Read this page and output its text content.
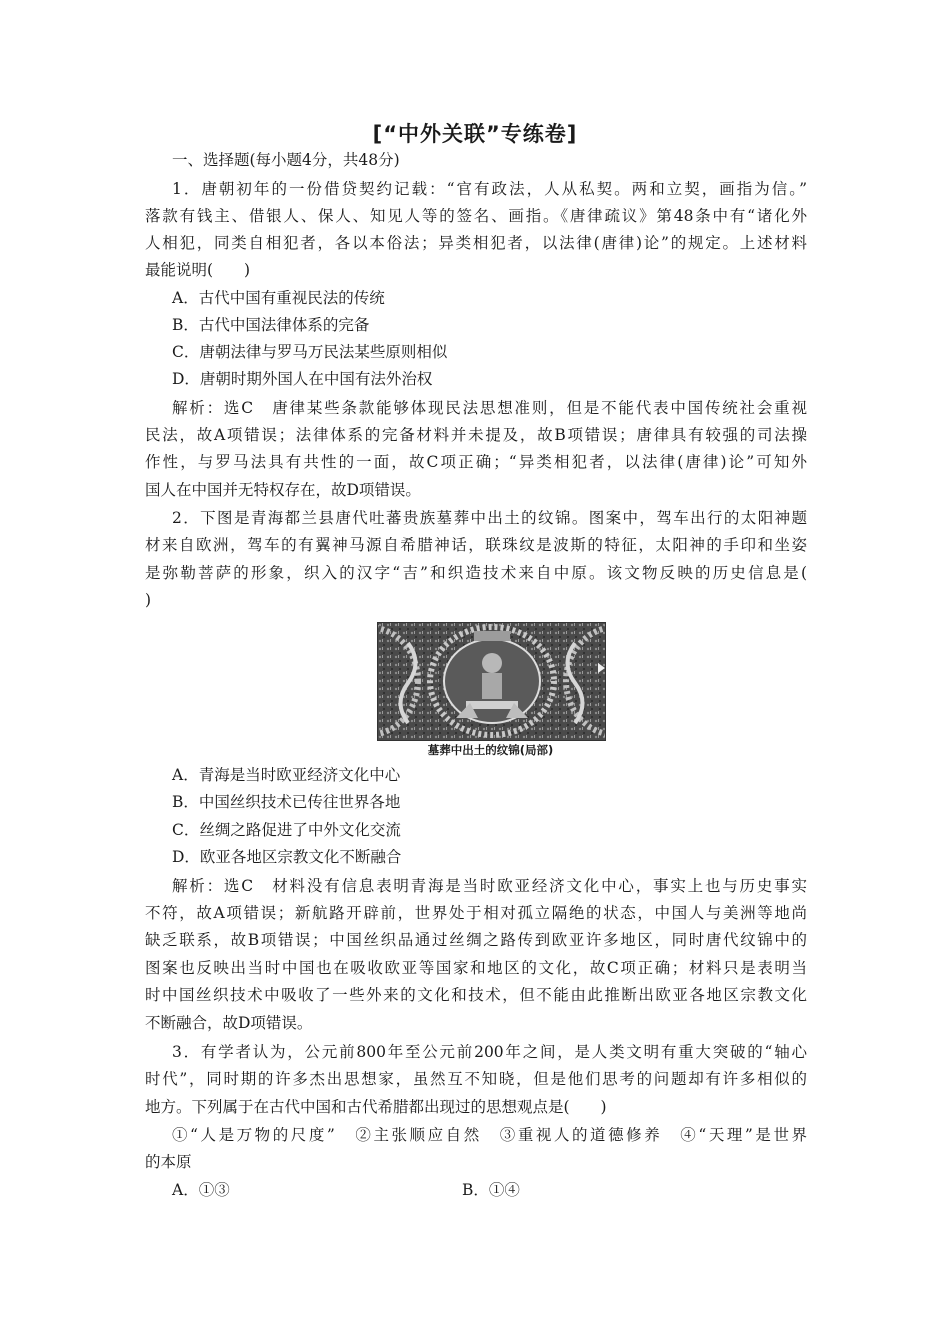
[“中外关联”专练卷]
一、选择题(每小题4分，共48分)
1．唐朝初年的一份借贷契约记载：“官有政法，人从私契。两和立契，画指为信。”
落款有钱主、借银人、保人、知见人等的签名、画指。《唐律疏议》第48条中有“诸化外
人相犯，同类自相犯者，各以本俗法；异类相犯者，以法律(唐律)论”的规定。上述材料
最能说明(　　)
A．古代中国有重视民法的传统
B．古代中国法律体系的完备
C．唐朝法律与罗马万民法某些原则相似
D．唐朝时期外国人在中国有法外治权
解析：选C　唐律某些条款能够体现民法思想准则，但是不能代表中国传统社会重视
民法，故A项错误；法律体系的完备材料并未提及，故B项错误；唐律具有较强的司法操
作性，与罗马法具有共性的一面，故C项正确；“异类相犯者，以法律(唐律)论”可知外
国人在中国并无特权存在，故D项错误。
2．下图是青海都兰县唐代吐蕃贵族墓葬中出土的纹锦。图案中，驾车出行的太阳神题
材来自欧洲，驾车的有翼神马源自希腊神话，联珠纹是波斯的特征，太阳神的手印和坐姿
是弥勒菩萨的形象，织入的汉字“吉”和织造技术来自中原。该文物反映的历史信息是(
)
墓葬中出土的纹锦(局部)
A．青海是当时欧亚经济文化中心
B．中国丝织技术已传往世界各地
C．丝绸之路促进了中外文化交流
D．欧亚各地区宗教文化不断融合
解析：选C　材料没有信息表明青海是当时欧亚经济文化中心，事实上也与历史事实
不符，故A项错误；新航路开辟前，世界处于相对孤立隔绝的状态，中国人与美洲等地尚
缺乏联系，故B项错误；中国丝织品通过丝绸之路传到欧亚许多地区，同时唐代纹锦中的
图案也反映出当时中国也在吸收欧亚等国家和地区的文化，故C项正确；材料只是表明当
时中国丝织技术中吸收了一些外来的文化和技术，但不能由此推断出欧亚各地区宗教文化
不断融合，故D项错误。
3．有学者认为，公元前800年至公元前200年之间，是人类文明有重大突破的“轴心
时代”，同时期的许多杰出思想家，虽然互不知晓，但是他们思考的问题却有许多相似的
地方。下列属于在古代中国和古代希腊都出现过的思想观点是(　　)
①“人是万物的尺度”　②主张顺应自然　③重视人的道德修养　④“天理”是世界
的本原
A．①③	B．①④
